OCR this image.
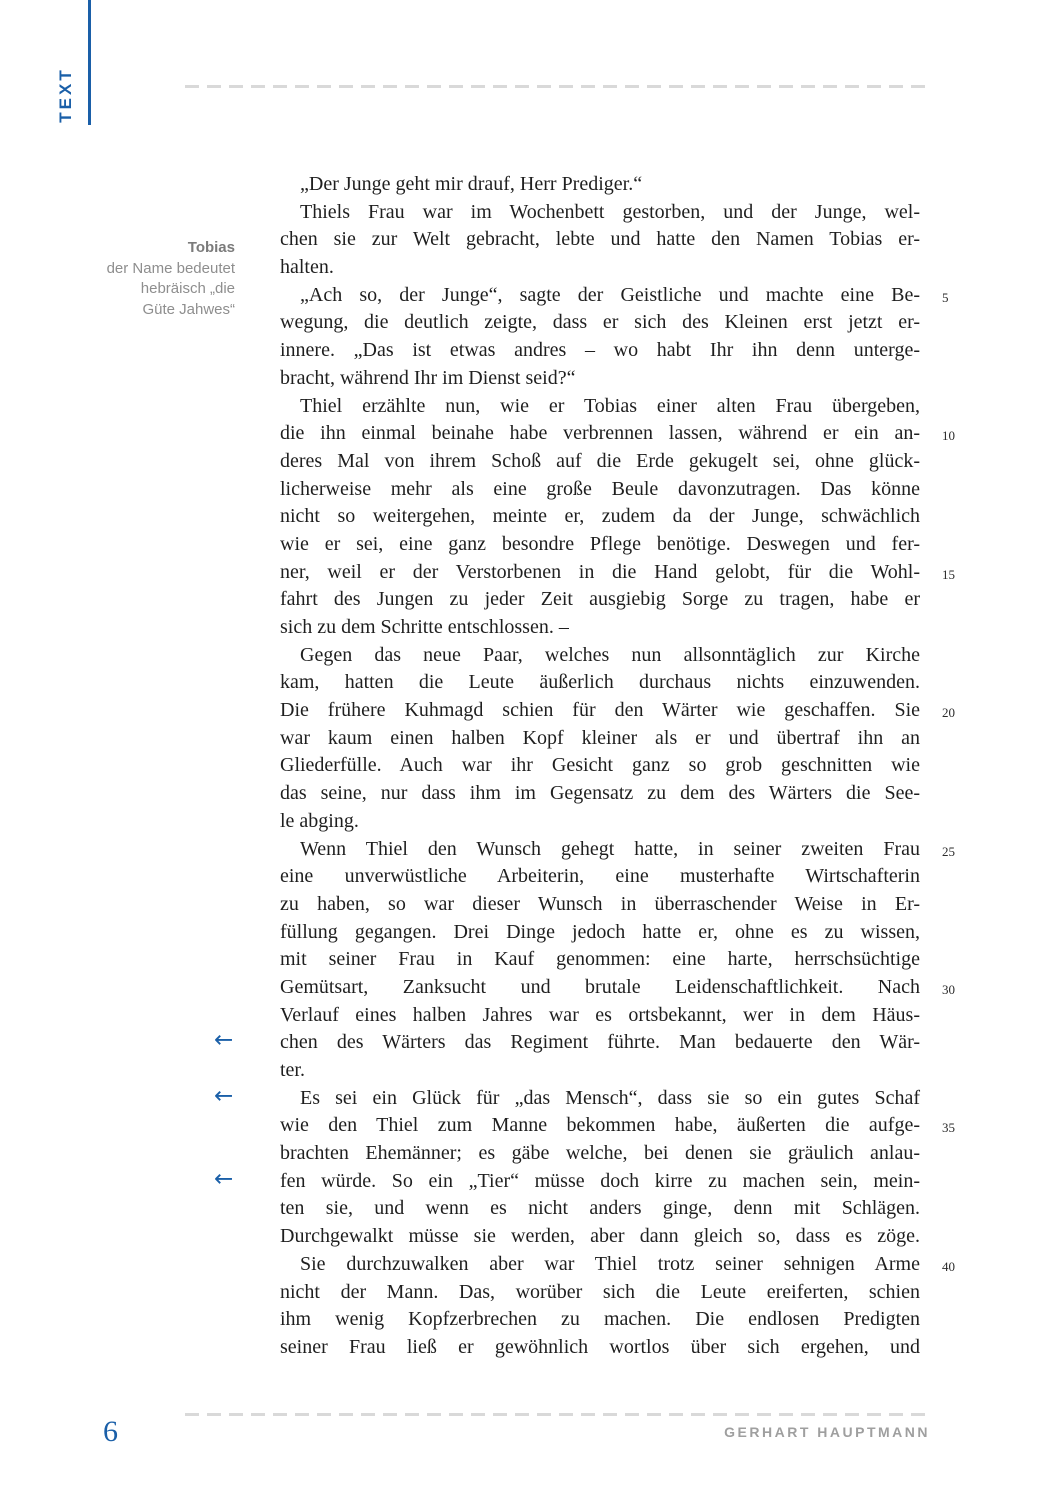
TEXT
Tobias
der Name bedeutet
hebräisch „die
Güte Jahwes“
„Der Junge geht mir drauf, Herr Prediger.“
Thiels Frau war im Wochenbett gestorben, und der Junge, wel-
chen sie zur Welt gebracht, lebte und hatte den Namen Tobias er-
halten.
„Ach so, der Junge“, sagte der Geistliche und machte eine Be- 5
wegung, die deutlich zeigte, dass er sich des Kleinen erst jetzt er-
innere. „Das ist etwas andres – wo habt Ihr ihn denn unterge-
bracht, während Ihr im Dienst seid?“
Thiel erzählte nun, wie er Tobias einer alten Frau übergeben,
die ihn einmal beinahe habe verbrennen lassen, während er ein an- 10
deres Mal von ihrem Schoß auf die Erde gekugelt sei, ohne glück-
licherweise mehr als eine große Beule davonzutragen. Das könne
nicht so weitergehen, meinte er, zudem da der Junge, schwächlich
wie er sei, eine ganz besondre Pflege benötige. Deswegen und fer-
ner, weil er der Verstorbenen in die Hand gelobt, für die Wohl- 15
fahrt des Jungen zu jeder Zeit ausgiebig Sorge zu tragen, habe er
sich zu dem Schritte entschlossen. –
Gegen das neue Paar, welches nun allsonntäglich zur Kirche
kam, hatten die Leute äußerlich durchaus nichts einzuwenden.
Die frühere Kuhmagd schien für den Wärter wie geschaffen. Sie 20
war kaum einen halben Kopf kleiner als er und übertraf ihn an
Gliederfülle. Auch war ihr Gesicht ganz so grob geschnitten wie
das seine, nur dass ihm im Gegensatz zu dem des Wärters die See-
le abging.
Wenn Thiel den Wunsch gehegt hatte, in seiner zweiten Frau 25
eine unverwüstliche Arbeiterin, eine musterhafte Wirtschafterin
zu haben, so war dieser Wunsch in überraschender Weise in Er-
füllung gegangen. Drei Dinge jedoch hatte er, ohne es zu wissen,
mit seiner Frau in Kauf genommen: eine harte, herrschsüchtige
Gemütsart, Zanksucht und brutale Leidenschaftlichkeit. Nach 30
Verlauf eines halben Jahres war es ortsbekannt, wer in dem Häus-
chen des Wärters das Regiment führte. Man bedauerte den Wär-
←
ter.
Es sei ein Glück für „das Mensch“, dass sie so ein gutes Schaf
←
wie den Thiel zum Manne bekommen habe, äußerten die aufge- 35
brachten Ehemänner; es gäbe welche, bei denen sie gräulich anlau-
fen würde. So ein „Tier“ müsse doch kirre zu machen sein, mein-
←
ten sie, und wenn es nicht anders ginge, denn mit Schlägen.
Durchgewalkt müsse sie werden, aber dann gleich so, dass es zöge.
Sie durchzuwalken aber war Thiel trotz seiner sehnigen Arme 40
nicht der Mann. Das, worüber sich die Leute ereiferten, schien
ihm wenig Kopfzerbrechen zu machen. Die endlosen Predigten
seiner Frau ließ er gewöhnlich wortlos über sich ergehen, und
6	GERHART HAUPTMANN
